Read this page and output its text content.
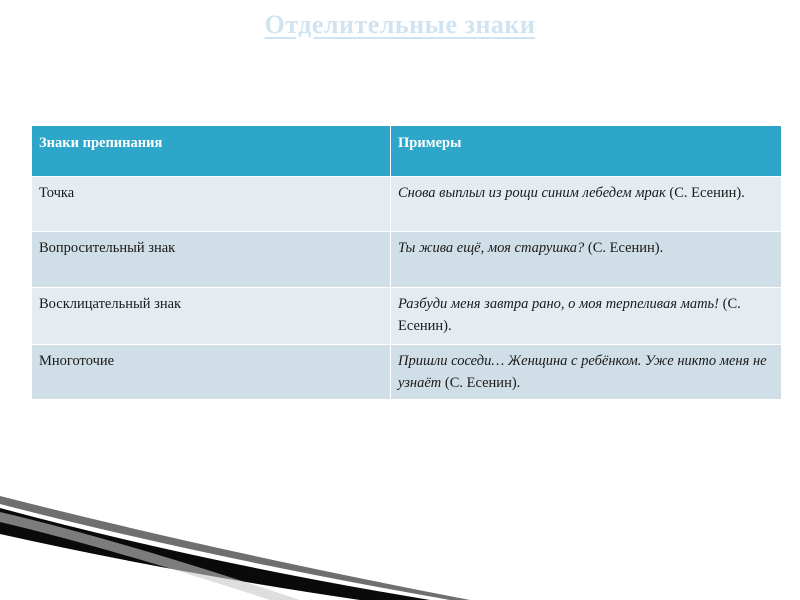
Отделительные знаки
Знаки препинания	Примеры
Точка	Снова выплыл из рощи синим лебедем мрак (С. Есенин).
Вопросительный знак	Ты жива ещё, моя старушка? (С. Есенин).
Восклицательный знак	Разбуди меня завтра рано, о моя терпеливая мать! (С. Есенин).
Многоточие	Пришли соседи… Женщина с ребёнком. Уже никто меня не узнаёт (С. Есенин).
